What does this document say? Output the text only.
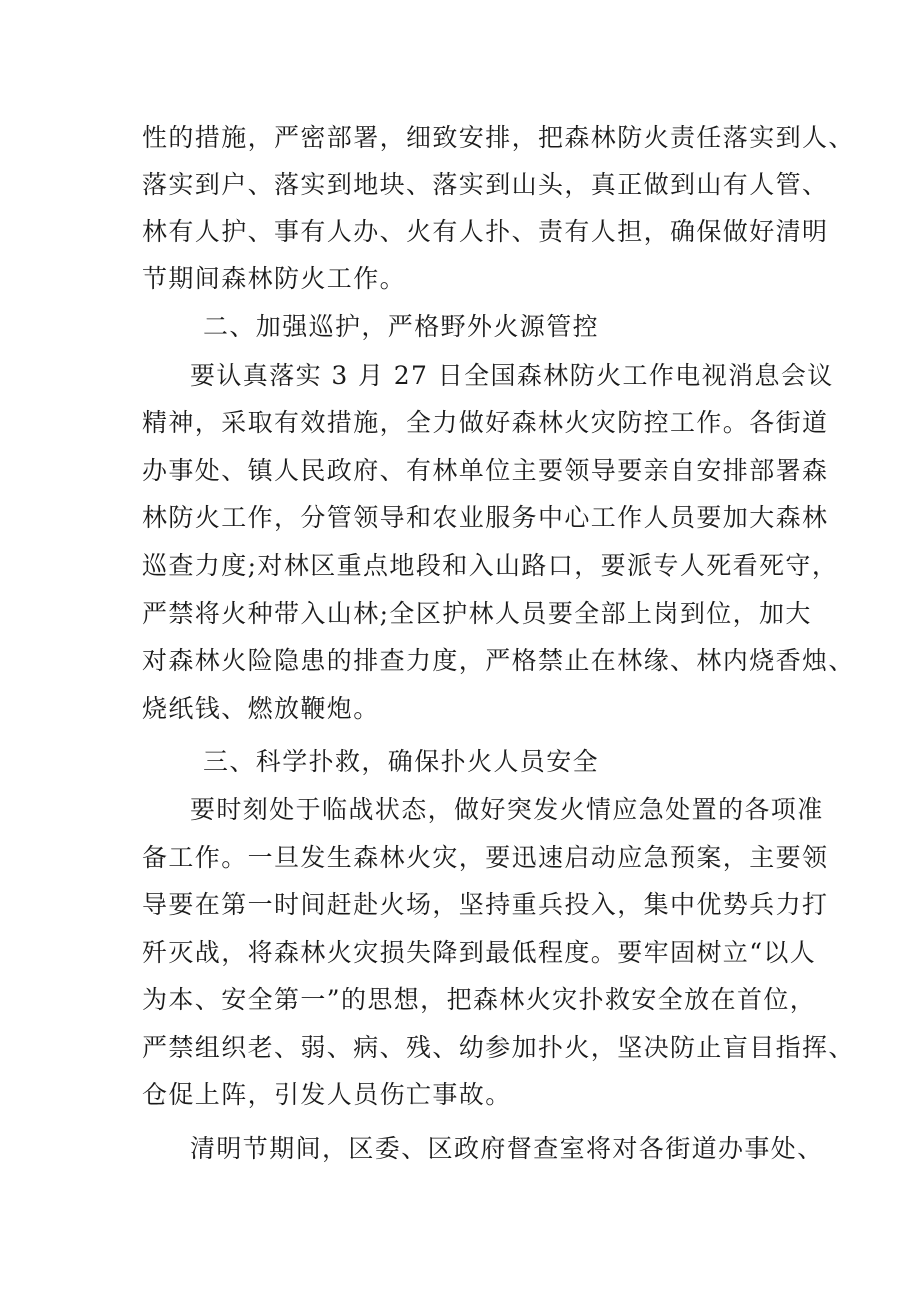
性的措施，严密部署，细致安排，把森林防火责任落实到人、
落实到户、落实到地块、落实到山头，真正做到山有人管、
林有人护、事有人办、火有人扑、责有人担，确保做好清明
节期间森林防火工作。
二、加强巡护，严格野外火源管控
要认真落实 3 月 27 日全国森林防火工作电视消息会议
精神，采取有效措施，全力做好森林火灾防控工作。各街道
办事处、镇人民政府、有林单位主要领导要亲自安排部署森
林防火工作，分管领导和农业服务中心工作人员要加大森林
巡查力度;对林区重点地段和入山路口，要派专人死看死守，
严禁将火种带入山林;全区护林人员要全部上岗到位，加大
对森林火险隐患的排查力度，严格禁止在林缘、林内烧香烛、
烧纸钱、燃放鞭炮。
三、科学扑救，确保扑火人员安全
要时刻处于临战状态，做好突发火情应急处置的各项准
备工作。一旦发生森林火灾，要迅速启动应急预案，主要领
导要在第一时间赶赴火场，坚持重兵投入，集中优势兵力打
歼灭战，将森林火灾损失降到最低程度。要牢固树立“以人
为本、安全第一”的思想，把森林火灾扑救安全放在首位，
严禁组织老、弱、病、残、幼参加扑火，坚决防止盲目指挥、
仓促上阵，引发人员伤亡事故。
清明节期间，区委、区政府督查室将对各街道办事处、
